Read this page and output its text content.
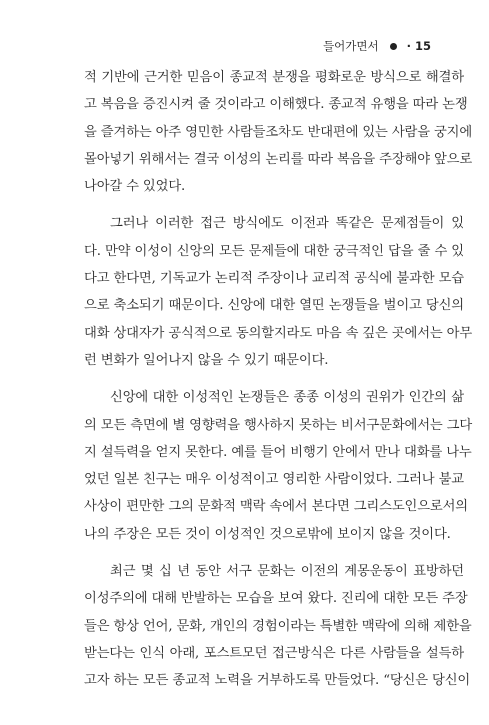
들어가면서 · 15
적 기반에 근거한 믿음이 종교적 분쟁을 평화로운 방식으로 해결하
고 복음을 증진시켜 줄 것이라고 이해했다. 종교적 유행을 따라 논쟁
을 즐겨하는 아주 영민한 사람들조차도 반대편에 있는 사람을 궁지에
몰아넣기 위해서는 결국 이성의 논리를 따라 복음을 주장해야 앞으로
나아갈 수 있었다.
그러나 이러한 접근 방식에도 이전과 똑같은 문제점들이 있
다. 만약 이성이 신앙의 모든 문제들에 대한 궁극적인 답을 줄 수 있
다고 한다면, 기독교가 논리적 주장이나 교리적 공식에 불과한 모습
으로 축소되기 때문이다. 신앙에 대한 열띤 논쟁들을 벌이고 당신의
대화 상대자가 공식적으로 동의할지라도 마음 속 깊은 곳에서는 아무
런 변화가 일어나지 않을 수 있기 때문이다.
신앙에 대한 이성적인 논쟁들은 종종 이성의 권위가 인간의 삶
의 모든 측면에 별 영향력을 행사하지 못하는 비서구문화에서는 그다
지 설득력을 얻지 못한다. 예를 들어 비행기 안에서 만나 대화를 나누
었던 일본 친구는 매우 이성적이고 영리한 사람이었다. 그러나 불교
사상이 편만한 그의 문화적 맥락 속에서 본다면 그리스도인으로서의
나의 주장은 모든 것이 이성적인 것으로밖에 보이지 않을 것이다.
최근 몇 십 년 동안 서구 문화는 이전의 계몽운동이 표방하던
이성주의에 대해 반발하는 모습을 보여 왔다. 진리에 대한 모든 주장
들은 항상 언어, 문화, 개인의 경험이라는 특별한 맥락에 의해 제한을
받는다는 인식 아래, 포스트모던 접근방식은 다른 사람들을 설득하
고자 하는 모든 종교적 노력을 거부하도록 만들었다. “당신은 당신이
